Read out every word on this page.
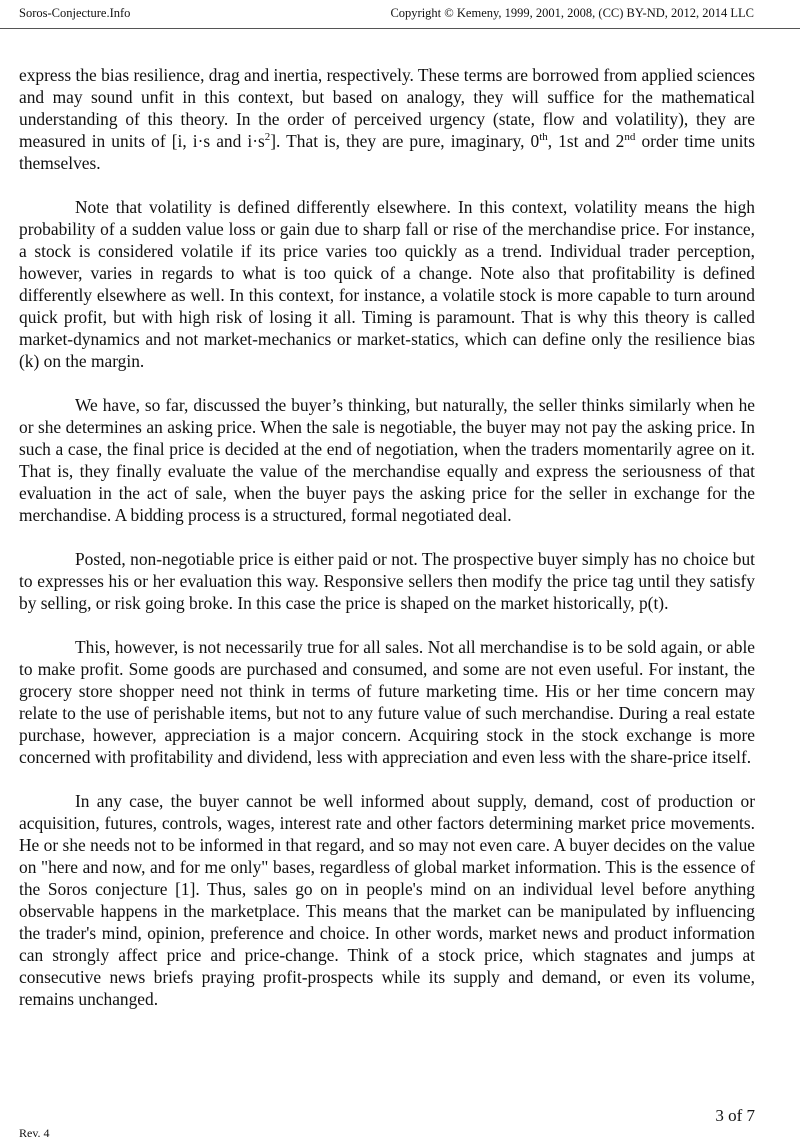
Soros-Conjecture.Info	Copyright © Kemeny, 1999, 2001, 2008, (CC) BY-ND, 2012, 2014 LLC

express the bias resilience, drag and inertia, respectively. These terms are borrowed from applied sciences and may sound unfit in this context, but based on analogy, they will suffice for the mathematical understanding of this theory. In the order of perceived urgency (state, flow and volatility), they are measured in units of [i, i·s and $i\cdot s^2$]. That is, they are pure, imaginary, 0th, 1st and 2nd order time units themselves.

Note that volatility is defined differently elsewhere. In this context, volatility means the high probability of a sudden value loss or gain due to sharp fall or rise of the merchandise price. For instance, a stock is considered volatile if its price varies too quickly as a trend. Individual trader perception, however, varies in regards to what is too quick of a change. Note also that profitability is defined differently elsewhere as well. In this context, for instance, a volatile stock is more capable to turn around quick profit, but with high risk of losing it all. Timing is paramount. That is why this theory is called market-dynamics and not market-mechanics or market-statics, which can define only the resilience bias (k) on the margin.

We have, so far, discussed the buyer’s thinking, but naturally, the seller thinks similarly when he or she determines an asking price. When the sale is negotiable, the buyer may not pay the asking price. In such a case, the final price is decided at the end of negotiation, when the traders momentarily agree on it. That is, they finally evaluate the value of the merchandise equally and express the seriousness of that evaluation in the act of sale, when the buyer pays the asking price for the seller in exchange for the merchandise. A bidding process is a structured, formal negotiated deal.

Posted, non-negotiable price is either paid or not. The prospective buyer simply has no choice but to expresses his or her evaluation this way. Responsive sellers then modify the price tag until they satisfy by selling, or risk going broke. In this case the price is shaped on the market historically, p(t).

This, however, is not necessarily true for all sales. Not all merchandise is to be sold again, or able to make profit. Some goods are purchased and consumed, and some are not even useful. For instant, the grocery store shopper need not think in terms of future marketing time. His or her time concern may relate to the use of perishable items, but not to any future value of such merchandise. During a real estate purchase, however, appreciation is a major concern. Acquiring stock in the stock exchange is more concerned with profitability and dividend, less with appreciation and even less with the share-price itself.

In any case, the buyer cannot be well informed about supply, demand, cost of production or acquisition, futures, controls, wages, interest rate and other factors determining market price movements. He or she needs not to be informed in that regard, and so may not even care. A buyer decides on the value on "here and now, and for me only" bases, regardless of global market information. This is the essence of the Soros conjecture [1]. Thus, sales go on in people's mind on an individual level before anything observable happens in the marketplace. This means that the market can be manipulated by influencing the trader's mind, opinion, preference and choice. In other words, market news and product information can strongly affect price and price-change. Think of a stock price, which stagnates and jumps at consecutive news briefs praying profit-prospects while its supply and demand, or even its volume, remains unchanged.

3 of 7
Rev. 4
